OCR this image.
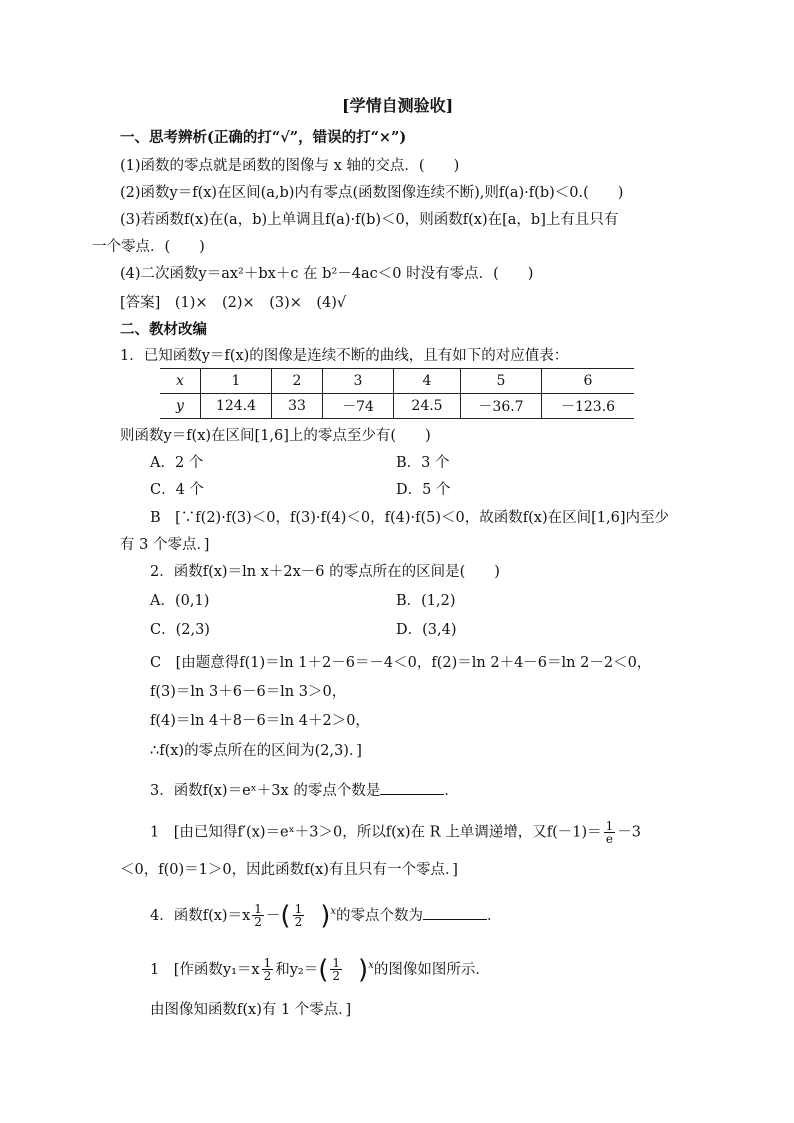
[学情自测验收]
一、思考辨析(正确的打“√”，错误的打“×”)
(1)函数的零点就是函数的图像与 x 轴的交点．(　　)
(2)函数y＝f(x)在区间(a,b)内有零点(函数图像连续不断),则f(a)·f(b)＜0.(　　)
(3)若函数f(x)在(a，b)上单调且f(a)·f(b)＜0，则函数f(x)在[a，b]上有且只有
一个零点．(　　)
(4)二次函数y＝ax²＋bx＋c 在 b²－4ac＜0 时没有零点．(　　)
[答案]　(1)×　(2)×　(3)×　(4)√
二、教材改编
1．已知函数y＝f(x)的图像是连续不断的曲线，且有如下的对应值表：
x	1	2	3	4	5	6
y	124.4	33	－74	24.5	－36.7	－123.6
则函数y＝f(x)在区间[1,6]上的零点至少有(　　)
A．2 个	B．3 个
C．4 个	D．5 个
B　[∵f(2)·f(3)＜0，f(3)·f(4)＜0，f(4)·f(5)＜0，故函数f(x)在区间[1,6]内至少
有 3 个零点．]
2．函数f(x)＝ln x＋2x－6 的零点所在的区间是(　　)
A．(0,1)	B．(1,2)
C．(2,3)	D．(3,4)
C　[由题意得f(1)＝ln 1＋2－6＝－4＜0，f(2)＝ln 2＋4－6＝ln 2－2＜0，
f(3)＝ln 3＋6－6＝ln 3＞0，
f(4)＝ln 4＋8－6＝ln 4＋2＞0，
∴f(x)的零点所在的区间为(2,3)．]
3．函数f(x)＝eˣ＋3x 的零点个数是	．
1　[由已知得f′(x)＝eˣ＋3＞0，所以f(x)在 R 上单调递增，又$f(-1)= \frac{1}{e} -3$
＜0，f(0)＝1＞0，因此函数f(x)有且只有一个零点．]
4．函数$f(x)=x \frac{1}{2}$ －( $\frac{1}{2} )^x$的零点个数为	．
1　[作函数$y_1=x \frac{1}{2}$ 和$y_2=( \frac{1}{2} )^x$的图像如图所示．
由图像知函数f(x)有 1 个零点．]
